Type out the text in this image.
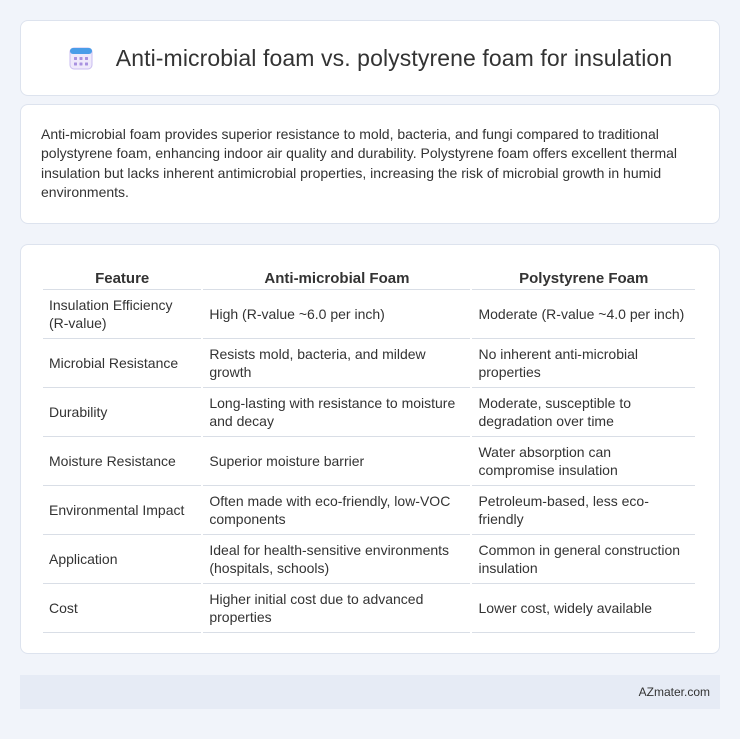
Anti-microbial foam vs. polystyrene foam for insulation

Anti-microbial foam provides superior resistance to mold, bacteria, and fungi compared to traditional polystyrene foam, enhancing indoor air quality and durability. Polystyrene foam offers excellent thermal insulation but lacks inherent antimicrobial properties, increasing the risk of microbial growth in humid environments.

Feature	Anti-microbial Foam	Polystyrene Foam
Insulation Efficiency (R-value)	High (R-value ~6.0 per inch)	Moderate (R-value ~4.0 per inch)
Microbial Resistance	Resists mold, bacteria, and mildew growth	No inherent anti-microbial properties
Durability	Long-lasting with resistance to moisture and decay	Moderate, susceptible to degradation over time
Moisture Resistance	Superior moisture barrier	Water absorption can compromise insulation
Environmental Impact	Often made with eco-friendly, low-VOC components	Petroleum-based, less eco-friendly
Application	Ideal for health-sensitive environments (hospitals, schools)	Common in general construction insulation
Cost	Higher initial cost due to advanced properties	Lower cost, widely available
AZmater.com
